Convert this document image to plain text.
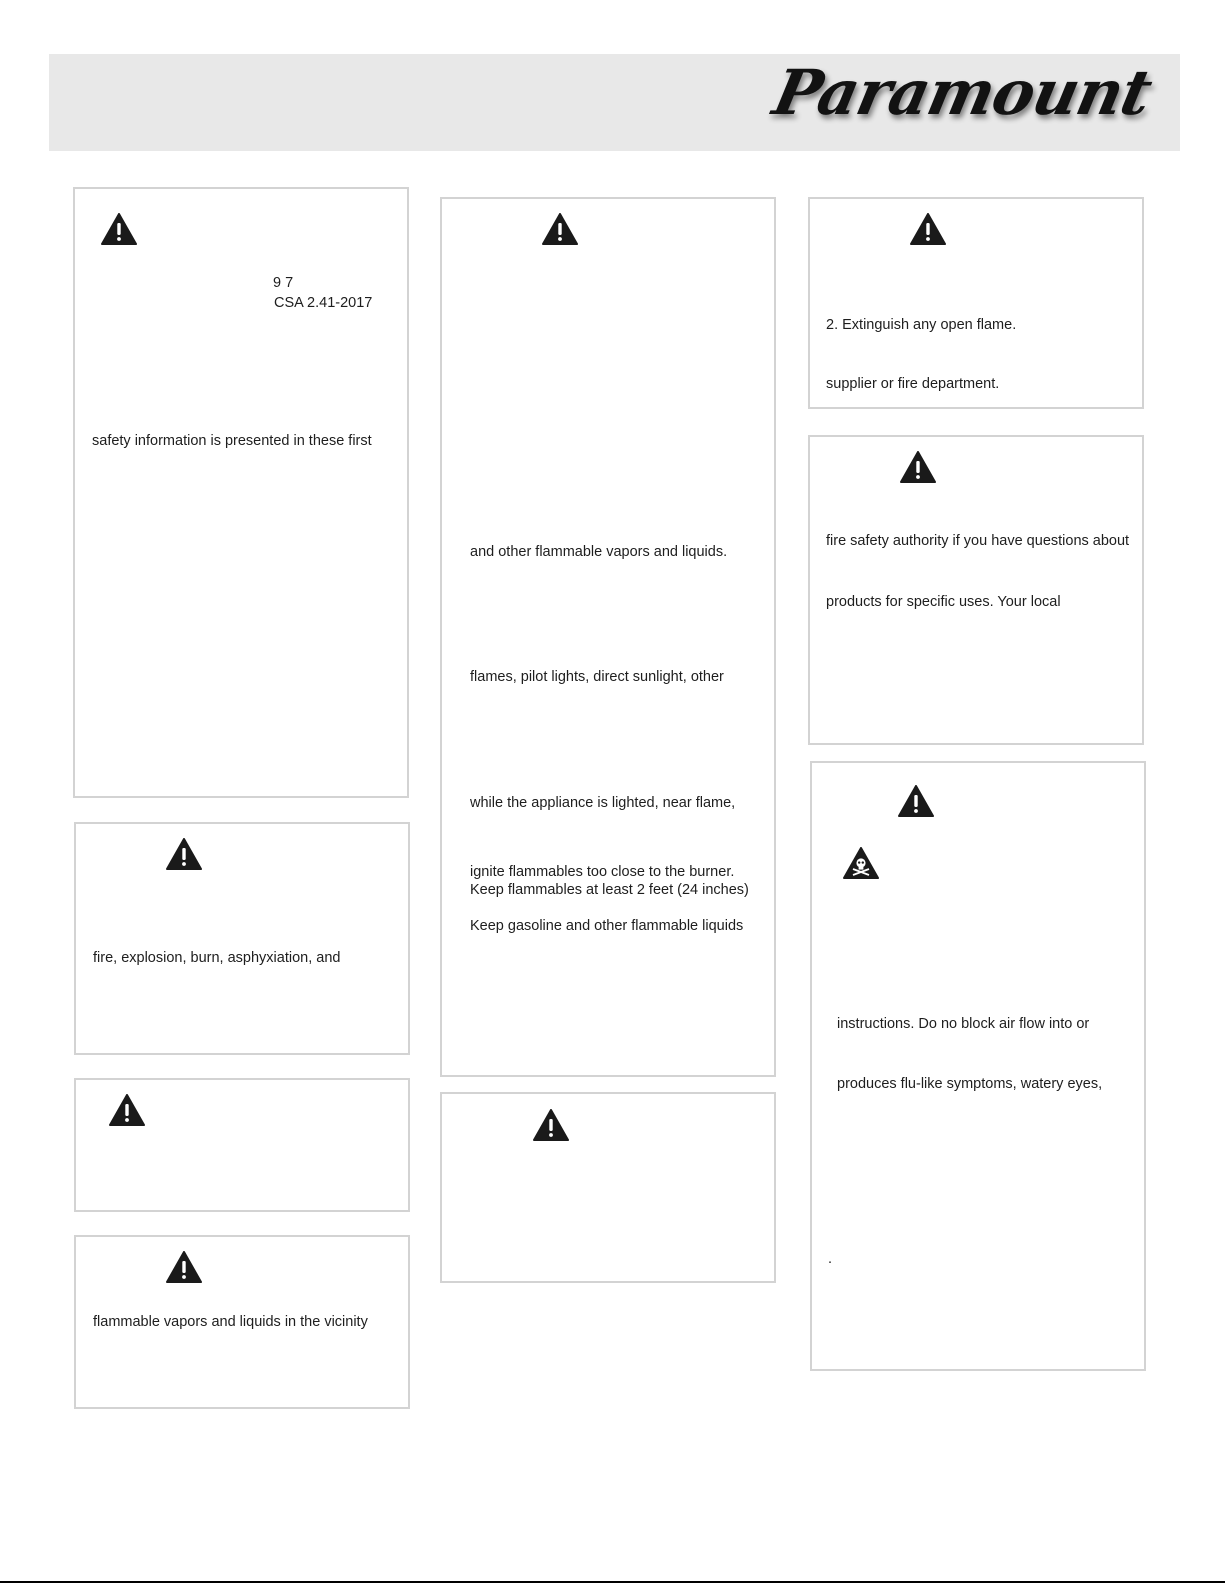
Paramount
9 7
CSA 2.41-2017
safety information is presented in these first
fire, explosion, burn, asphyxiation, and
flammable vapors and liquids in the vicinity
and other flammable vapors and liquids.
flames, pilot lights, direct sunlight, other
while the appliance is lighted, near flame,
ignite flammables too close to the burner.
Keep flammables at least 2 feet (24 inches)
Keep gasoline and other flammable liquids
2. Extinguish any open flame.
supplier or fire department.
fire safety authority if you have questions about
products for specific uses. Your local
instructions. Do no block air flow into or
produces flu-like symptoms, watery eyes,
.
